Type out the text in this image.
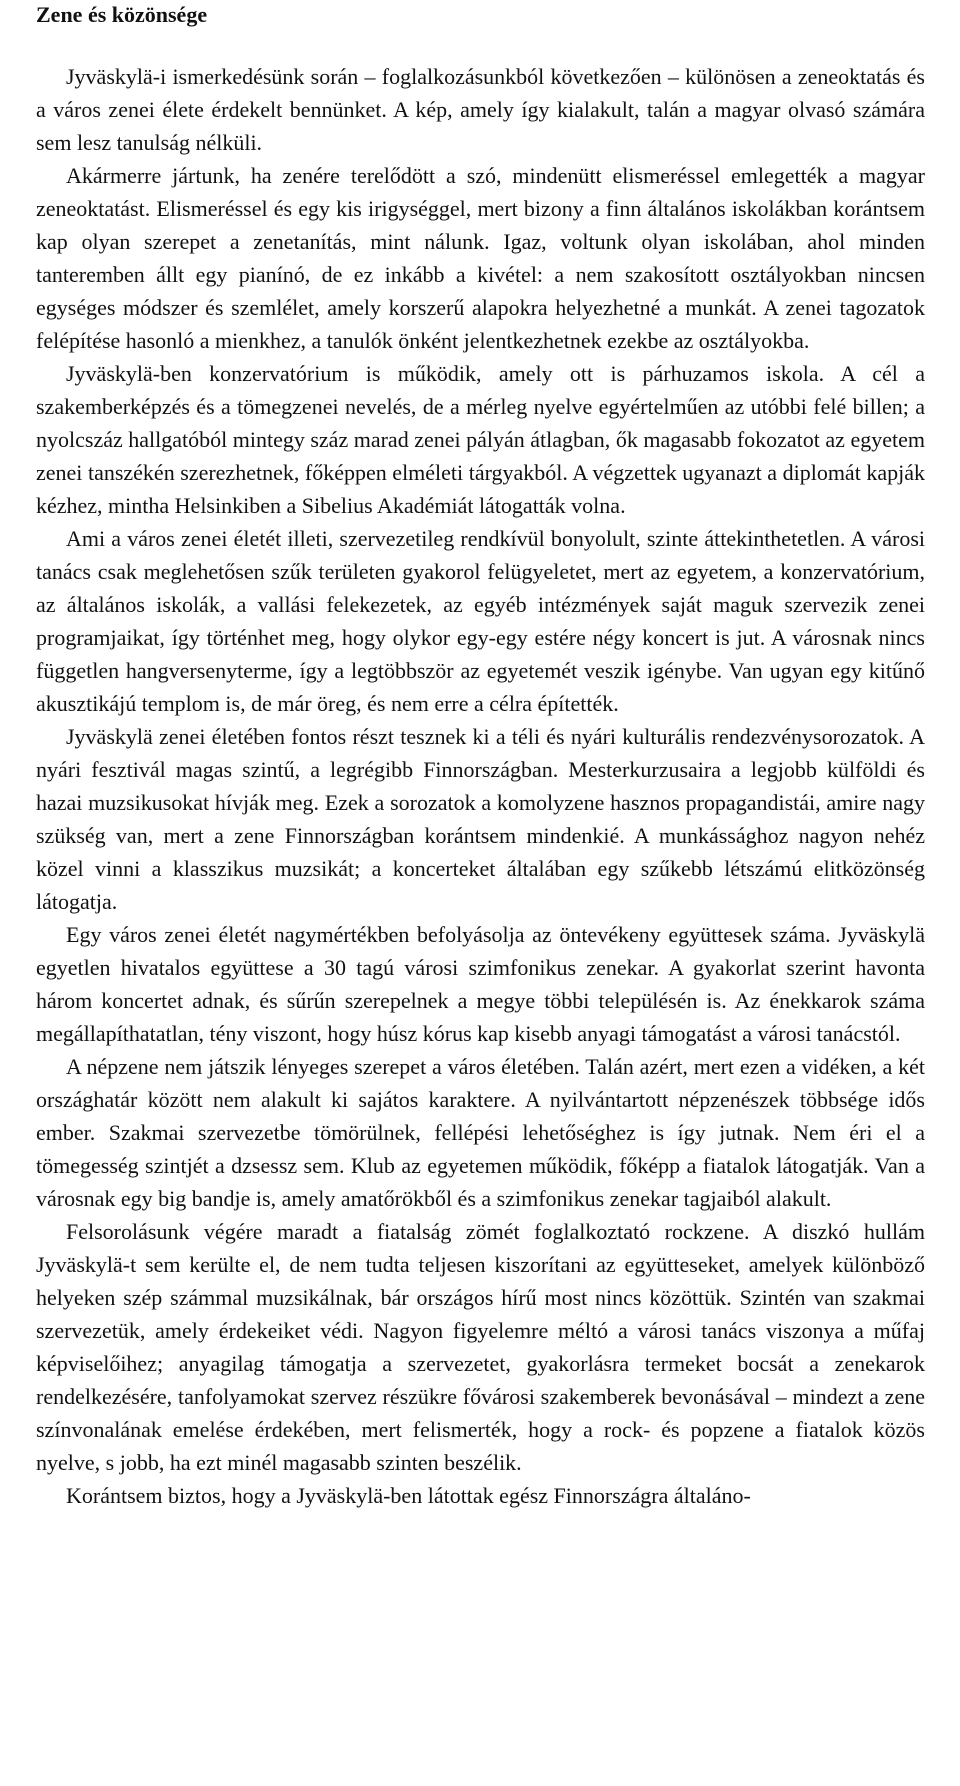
Zene és közönsége

Jyväskylä-i ismerkedésünk során – foglalkozásunkból következően – különösen a zeneoktatás és a város zenei élete érdekelt bennünket. A kép, amely így kialakult, talán a magyar olvasó számára sem lesz tanulság nélküli.

Akármerre jártunk, ha zenére terelődött a szó, mindenütt elismeréssel emlegették a magyar zeneoktatást. Elismeréssel és egy kis irigységgel, mert bizony a finn általános iskolákban korántsem kap olyan szerepet a zenetanítás, mint nálunk. Igaz, voltunk olyan iskolában, ahol minden tanteremben állt egy pianínó, de ez inkább a kivétel: a nem szakosított osztályokban nincsen egységes módszer és szemlélet, amely korszerű alapokra helyezhetné a munkát. A zenei tagozatok felépítése hasonló a mienkhez, a tanulók önként jelentkezhetnek ezekbe az osztályokba.

Jyväskylä-ben konzervatórium is működik, amely ott is párhuzamos iskola. A cél a szakemberképzés és a tömegzenei nevelés, de a mérleg nyelve egyértelműen az utóbbi felé billen; a nyolcszáz hallgatóból mintegy száz marad zenei pályán átlagban, ők magasabb fokozatot az egyetem zenei tanszékén szerezhetnek, főképpen elméleti tárgyakból. A végzettek ugyanazt a diplomát kapják kézhez, mintha Helsinkiben a Sibelius Akadémiát látogatták volna.

Ami a város zenei életét illeti, szervezetileg rendkívül bonyolult, szinte áttekinthetetlen. A városi tanács csak meglehetősen szűk területen gyakorol felügyeletet, mert az egyetem, a konzervatórium, az általános iskolák, a vallási felekezetek, az egyéb intézmények saját maguk szervezik zenei programjaikat, így történhet meg, hogy olykor egy-egy estére négy koncert is jut. A városnak nincs független hangversenyterme, így a legtöbbször az egyetemét veszik igénybe. Van ugyan egy kitűnő akusztikájú templom is, de már öreg, és nem erre a célra építették.

Jyväskylä zenei életében fontos részt tesznek ki a téli és nyári kulturális rendezvénysorozatok. A nyári fesztivál magas szintű, a legrégibb Finnországban. Mesterkurzusaira a legjobb külföldi és hazai muzsikusokat hívják meg. Ezek a sorozatok a komolyzene hasznos propagandistái, amire nagy szükség van, mert a zene Finnországban korántsem mindenkié. A munkássághoz nagyon nehéz közel vinni a klasszikus muzsikát; a koncerteket általában egy szűkebb létszámú elitközönség látogatja.

Egy város zenei életét nagymértékben befolyásolja az öntevékeny együttesek száma. Jyväskylä egyetlen hivatalos együttese a 30 tagú városi szimfonikus zenekar. A gyakorlat szerint havonta három koncertet adnak, és sűrűn szerepelnek a megye többi településén is. Az énekkarok száma megállapíthatatlan, tény viszont, hogy húsz kórus kap kisebb anyagi támogatást a városi tanácstól.

A népzene nem játszik lényeges szerepet a város életében. Talán azért, mert ezen a vidéken, a két országhatár között nem alakult ki sajátos karaktere. A nyilvántartott népzenészek többsége idős ember. Szakmai szervezetbe tömörülnek, fellépési lehetőséghez is így jutnak. Nem éri el a tömegesség szintjét a dzsessz sem. Klub az egyetemen működik, főképp a fiatalok látogatják. Van a városnak egy big bandje is, amely amatőrökből és a szimfonikus zenekar tagjaiból alakult.

Felsorolásunk végére maradt a fiatalság zömét foglalkoztató rockzene. A diszkó hullám Jyväskylä-t sem kerülte el, de nem tudta teljesen kiszorítani az együtteseket, amelyek különböző helyeken szép számmal muzsikálnak, bár országos hírű most nincs közöttük. Szintén van szakmai szervezetük, amely érdekeiket védi. Nagyon figyelemre méltó a városi tanács viszonya a műfaj képviselőihez; anyagilag támogatja a szervezetet, gyakorlásra termeket bocsát a zenekarok rendelkezésére, tanfolyamokat szervez részükre fővárosi szakemberek bevonásával – mindezt a zene színvonalának emelése érdekében, mert felismerték, hogy a rock- és popzene a fiatalok közös nyelve, s jobb, ha ezt minél magasabb szinten beszélik.

Korántsem biztos, hogy a Jyväskylä-ben látottak egész Finnországra általáno-
